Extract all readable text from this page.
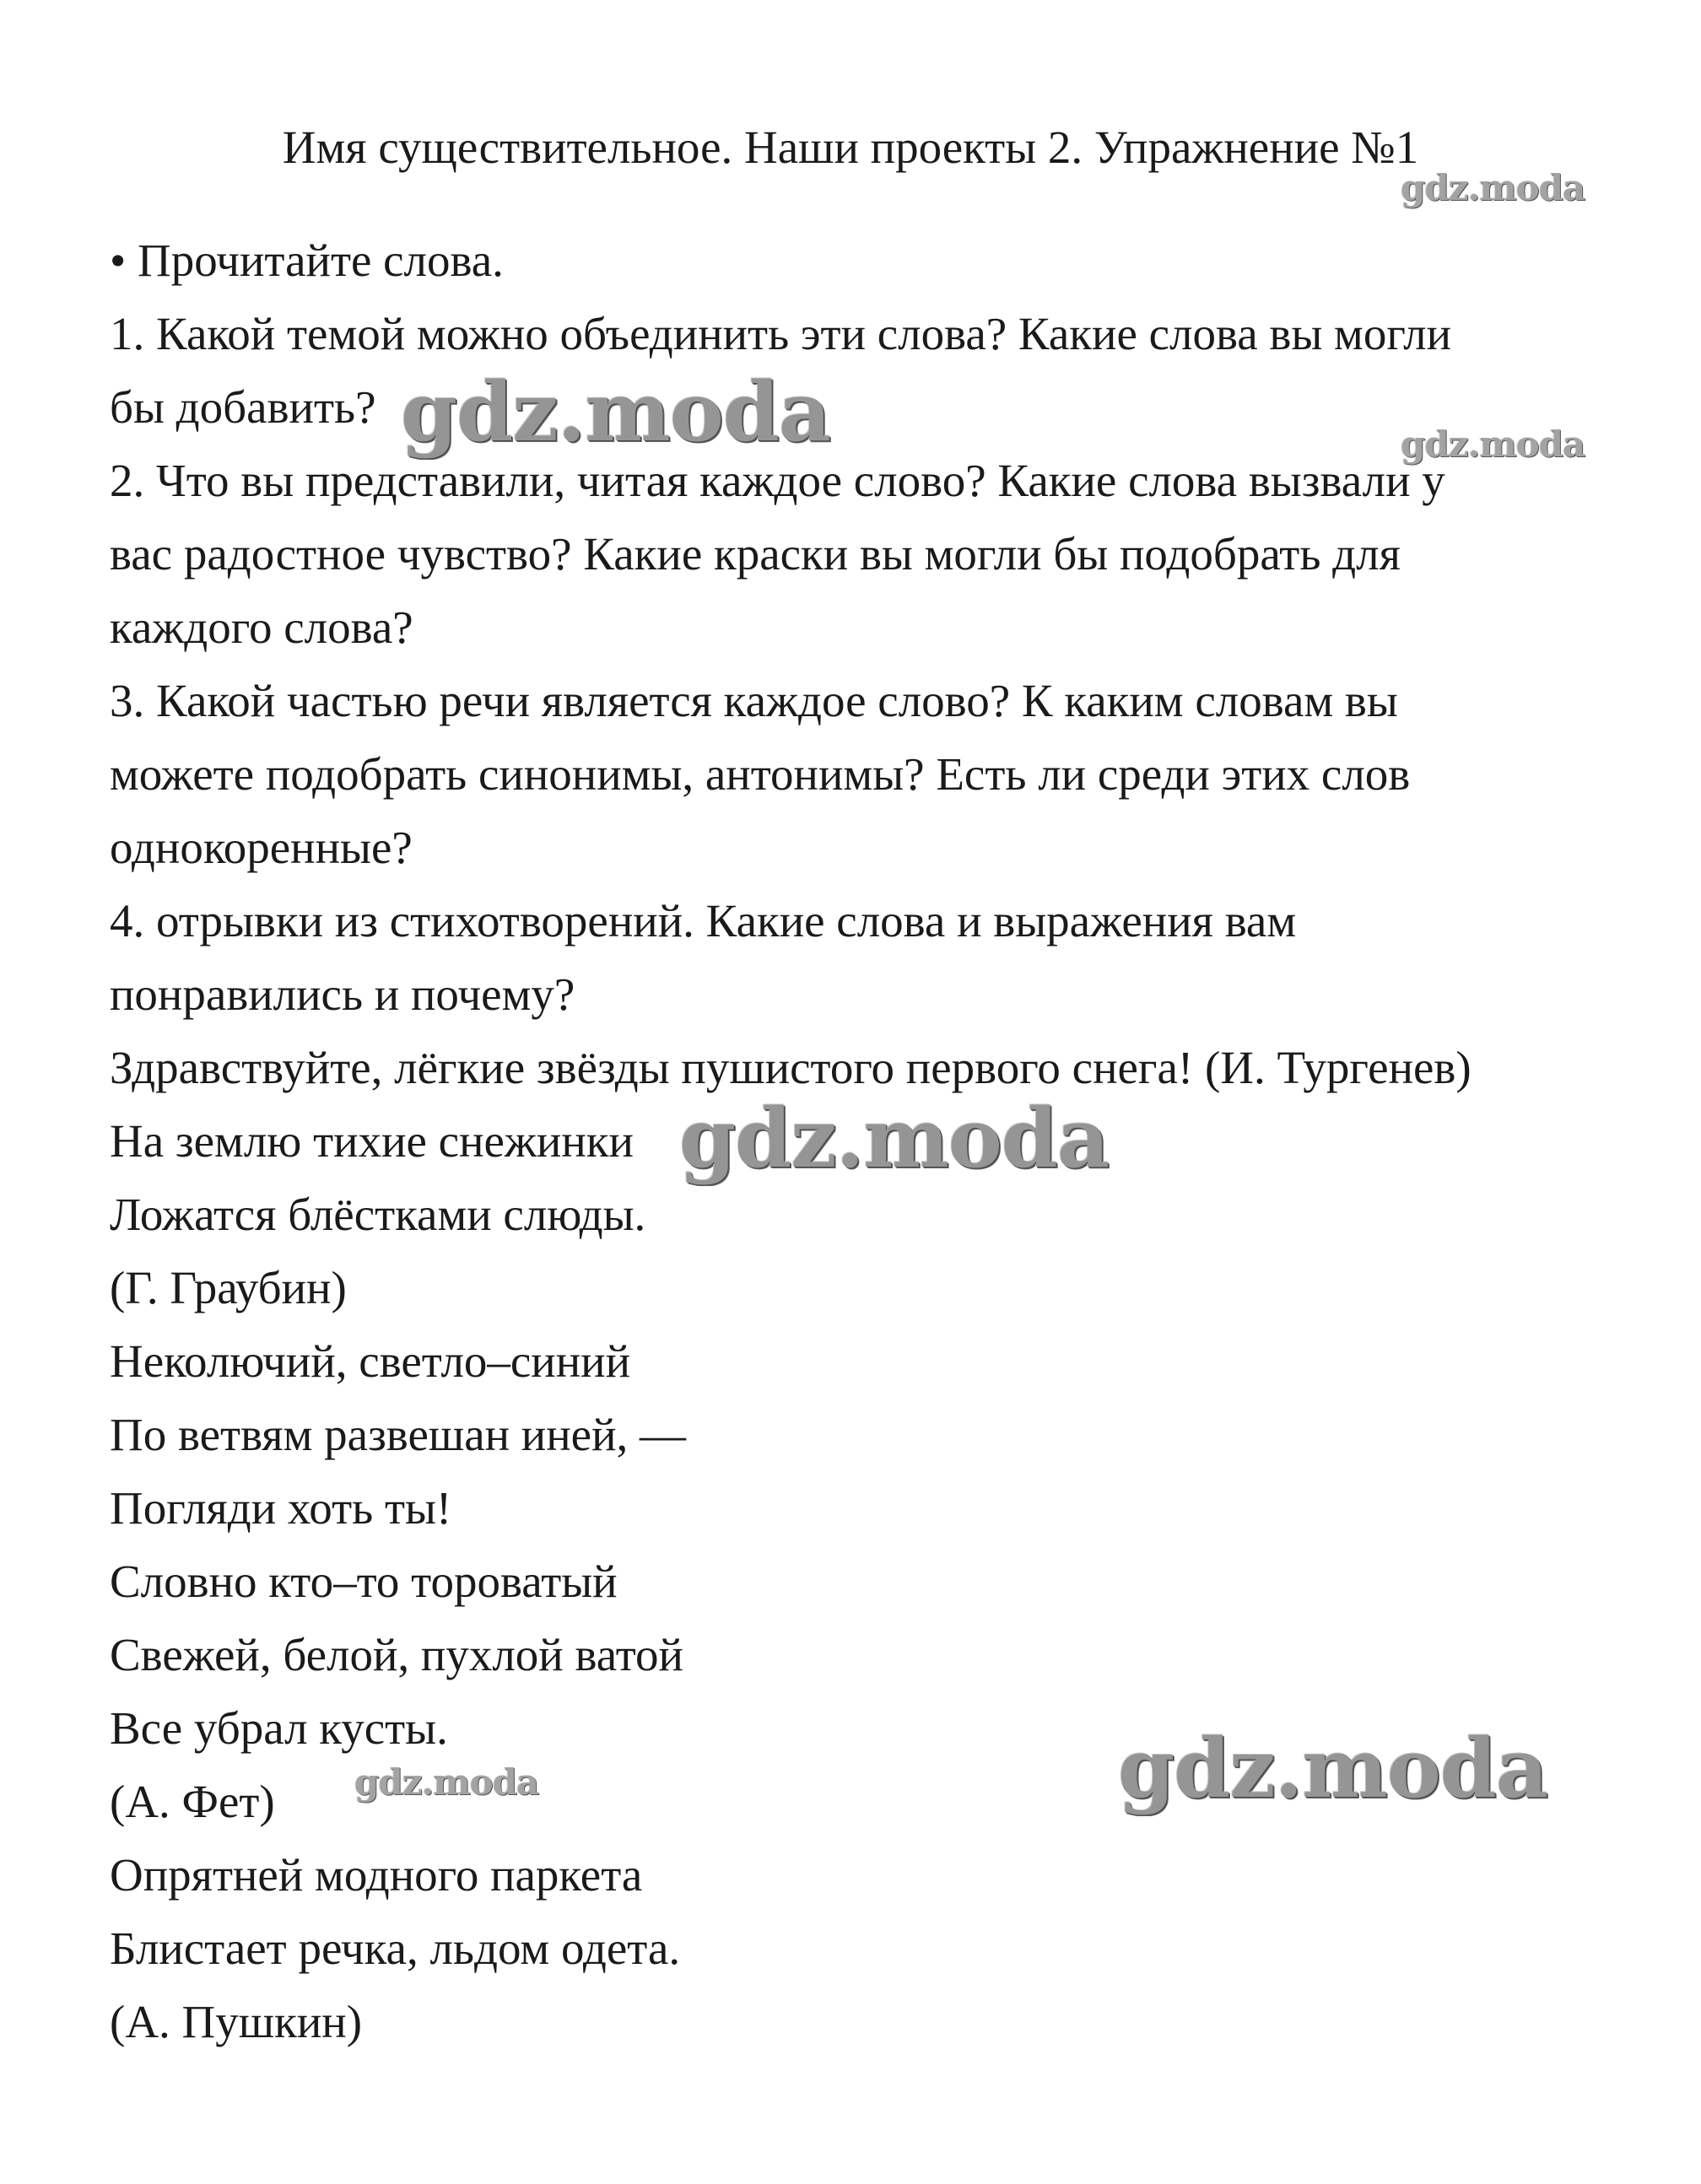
Имя существительное. Наши проекты 2. Упражнение №1
• Прочитайте слова.
1. Какой темой можно объединить эти слова? Какие слова вы могли
бы добавить?
2. Что вы представили, читая каждое слово? Какие слова вызвали у
вас радостное чувство? Какие краски вы могли бы подобрать для
каждого слова?
3. Какой частью речи является каждое слово? К каким словам вы
можете подобрать синонимы, антонимы? Есть ли среди этих слов
однокоренные?
4. отрывки из стихотворений. Какие слова и выражения вам
понравились и почему?
Здравствуйте, лёгкие звёзды пушистого первого снега! (И. Тургенев)
На землю тихие снежинки
Ложатся блёстками слюды.
(Г. Граубин)
Неколючий, светло–синий
По ветвям развешан иней, —
Погляди хоть ты!
Словно кто–то тороватый
Свежей, белой, пухлой ватой
Все убрал кусты.
(А. Фет)
Опрятней модного паркета
Блистает речка, льдом одета.
(А. Пушкин)
gdz.moda
gdz.moda	gdz.moda
gdz.moda
gdz.moda	gdz.moda
